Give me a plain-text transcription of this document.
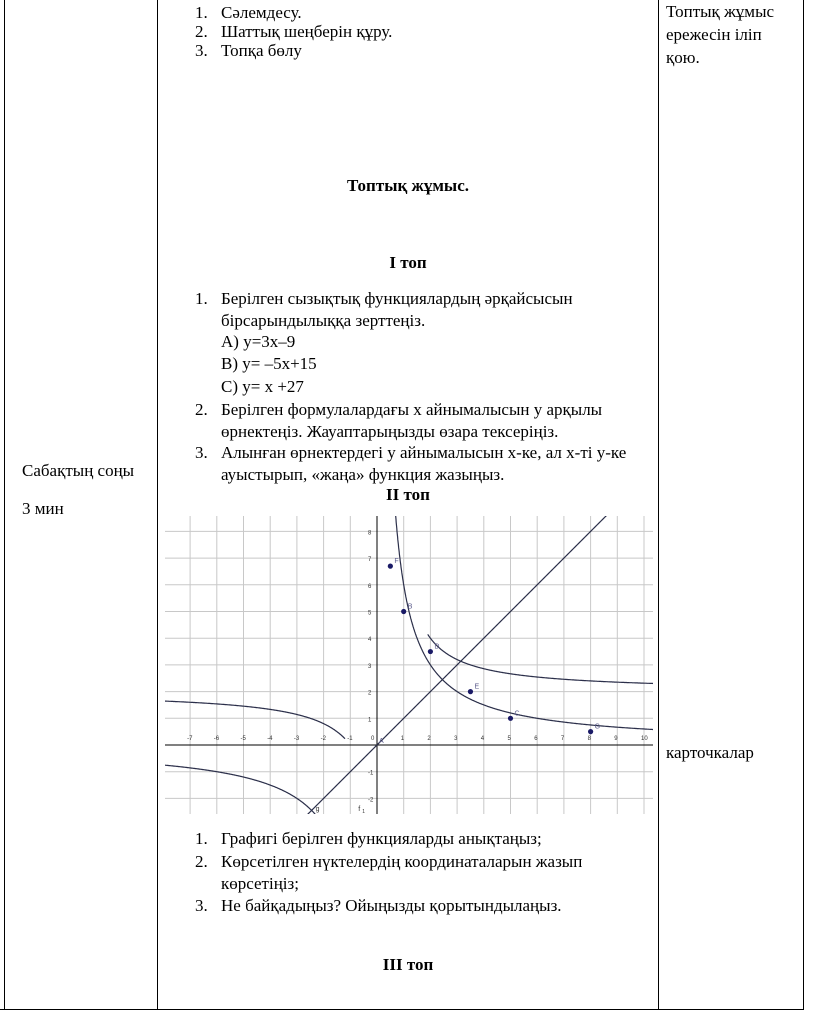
Сабақтың соңы
3 мин
1. Сәлемдесу.
2. Шаттық шеңберін құру.
3. Топқа бөлу
Топтық жұмыс.
І топ
1. Берілген сызықтық функциялардың әрқайсысын
бірсарындылыққа зерттеңіз.
А) у=3х–9
В) у= –5х+15
С) у= х +27
2. Берілген формулалардағы х айнымалысын у арқылы
өрнектеңіз. Жауаптарыңызды өзара тексеріңіз.
3. Алынған өрнектердегі у айнымалысын х-ке, ал х-ті у-ке
ауыстырып, «жаңа» функция жазыңыз.
ІІ топ
-7	-6	-5	-4	-3	-2	-1	0	1	2	3	4	5	6	7	8	9	10
-2
-1
1
2
3
4
5
6
7
8
F
B
D
E
C
G
A
g	f 1
1. Графигі берілген функцияларды анықтаңыз;
2. Көрсетілген нүктелердің координаталарын жазып
көрсетіңіз;
3. Не байқадыңыз? Ойыңызды қорытындылаңыз.
ІІІ топ
Топтық жұмыс
ережесін іліп
қою.
карточкалар
